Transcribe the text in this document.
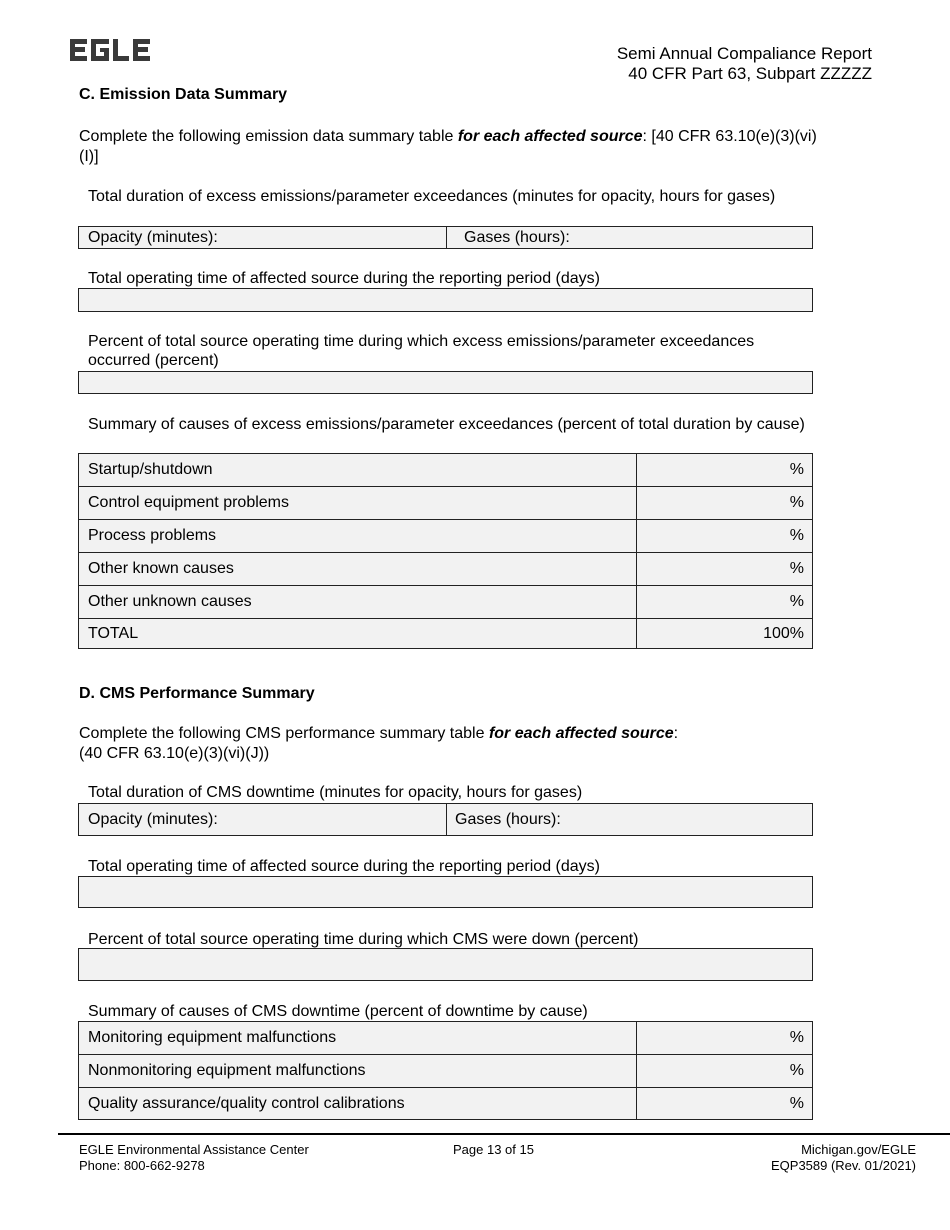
EGLE
Semi Annual Compaliance Report
40 CFR Part 63, Subpart ZZZZZ
C. Emission Data Summary
Complete the following emission data summary table for each affected source: [40 CFR 63.10(e)(3)(vi)(I)]
Total duration of excess emissions/parameter exceedances (minutes for opacity, hours for gases)
Opacity (minutes):	Gases (hours):
Total operating time of affected source during the reporting period (days)
Percent of total source operating time during which excess emissions/parameter exceedances occurred (percent)
Summary of causes of excess emissions/parameter exceedances (percent of total duration by cause)
Startup/shutdown	%
Control equipment problems	%
Process problems	%
Other known causes	%
Other unknown causes	%
TOTAL	100%
D. CMS Performance Summary
Complete the following CMS performance summary table for each affected source:
(40 CFR 63.10(e)(3)(vi)(J))
Total duration of CMS downtime (minutes for opacity, hours for gases)
Opacity (minutes):	Gases (hours):
Total operating time of affected source during the reporting period (days)
Percent of total source operating time during which CMS were down (percent)
Summary of causes of CMS downtime (percent of downtime by cause)
Monitoring equipment malfunctions	%
Nonmonitoring equipment malfunctions	%
Quality assurance/quality control calibrations	%
EGLE Environmental Assistance Center
Phone: 800-662-9278
Page 13 of 15	Michigan.gov/EGLE
EQP3589 (Rev. 01/2021)
